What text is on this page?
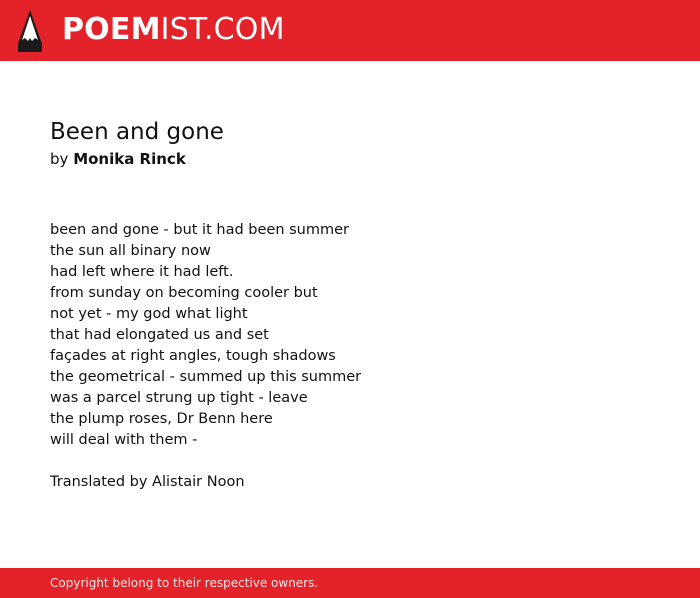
POEMIST.COM
Been and gone
by Monika Rinck
been and gone - but it had been summer
the sun all binary now
had left where it had left.
from sunday on becoming cooler but
not yet - my god what light
that had elongated us and set
façades at right angles, tough shadows
the geometrical - summed up this summer
was a parcel strung up tight - leave
the plump roses, Dr Benn here
will deal with them -
Translated by Alistair Noon
Copyright belong to their respective owners.
